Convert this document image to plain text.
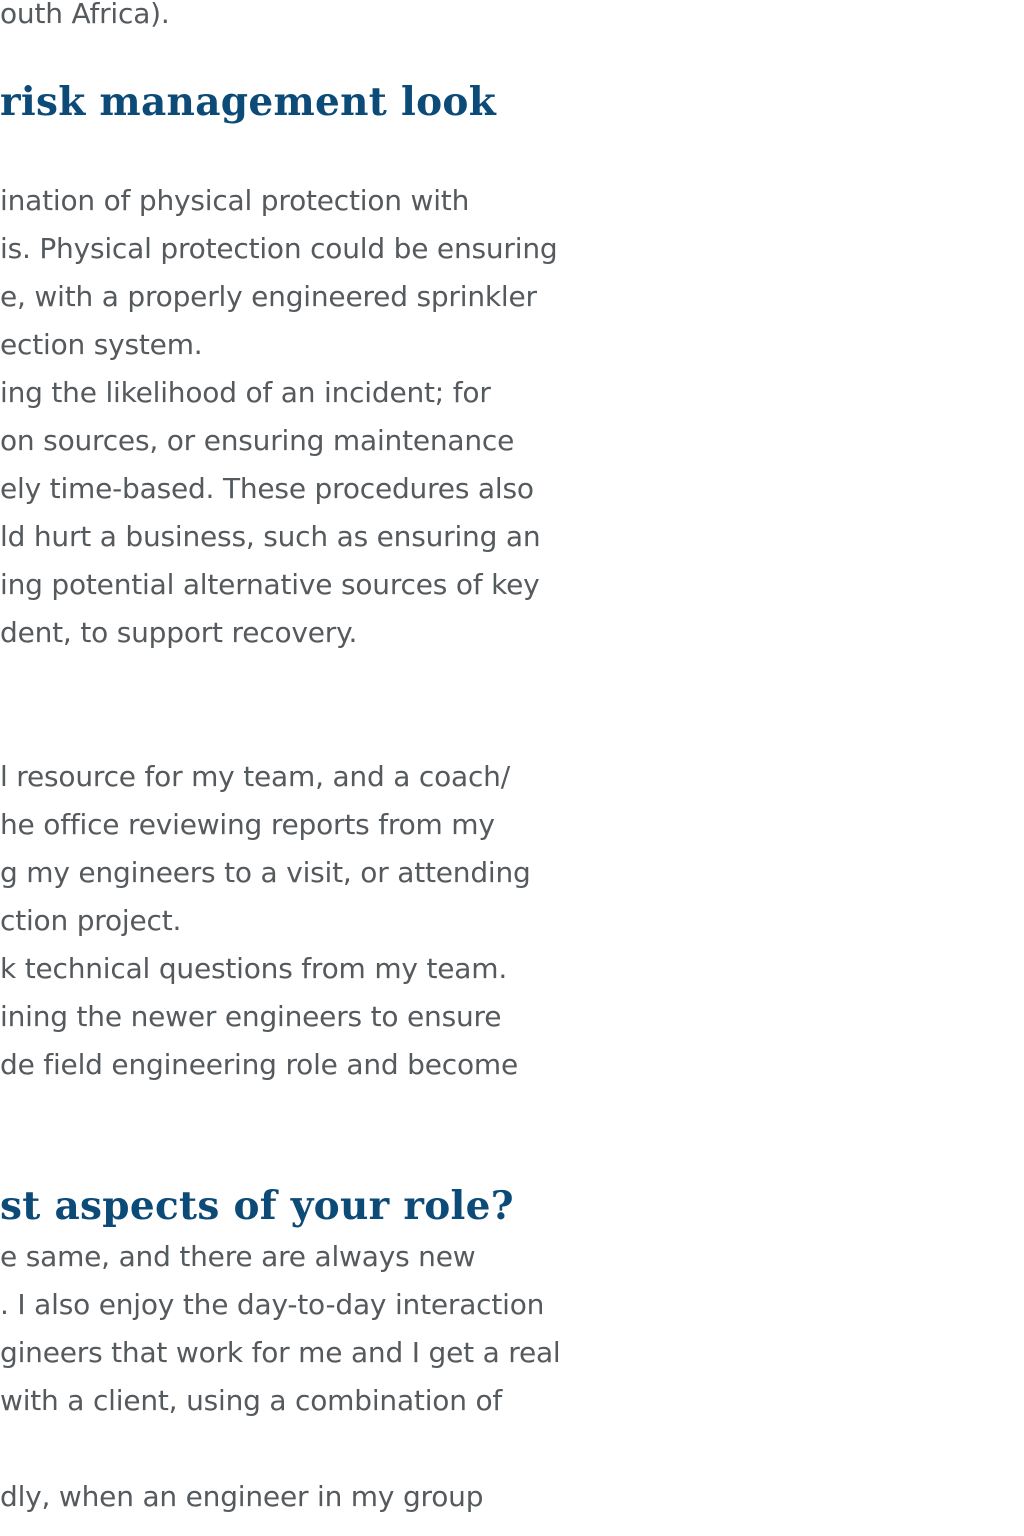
outh Africa).

risk management look

ination of physical protection with

is. Physical protection could be ensuring

e, with a properly engineered sprinkler

ection system.

ing the likelihood of an incident; for

on sources, or ensuring maintenance

ely time-based. These procedures also

ld hurt a business, such as ensuring an

ing potential alternative sources of key

dent, to support recovery.

l resource for my team, and a coach/

he office reviewing reports from my

g my engineers to a visit, or attending

ction project.

k technical questions from my team.

ining the newer engineers to ensure

de field engineering role and become

st aspects of your role?

e same, and there are always new

. I also enjoy the day-to-day interaction

gineers that work for me and I get a real

with a client, using a combination of

dly, when an engineer in my group
